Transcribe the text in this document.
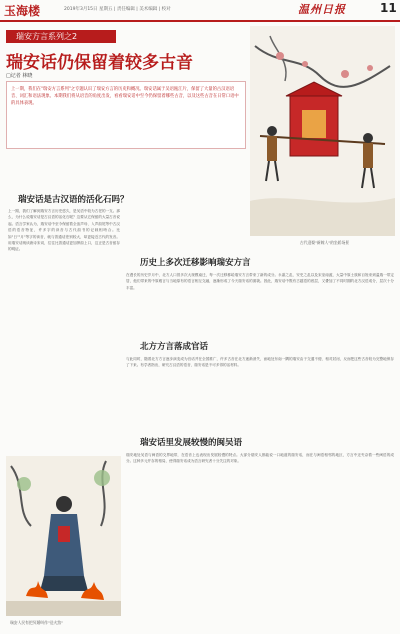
玉海楼	2019年3月15日 星期五 | 责任编辑 | 美术编辑 | 校对	温州日报	11
瑞安方言系列之2
瑞安话仍保留着较多古音
□记者 林晓

上一期，我们在"瑞安方言系列"之专题认识了瑞安方言的历史和概况。瑞安话属于吴语瓯江片，保留了大量的古汉语语音、词汇和语法现象。本期我们将从语音的角度出发，看看瑞安话中至今仍保留着哪些古音，以及这些古音在日常口语中的具体表现。

古代迎娶"新嫁人"的坐轿场景
瑞安话是古汉语的活化石吗？
上一期，我们了解到瑞安方言历史悠久，是吴语中较为古老的一支。那么，为什么说瑞安话是古汉语的活化石呢？这要从它保留的大量古音说起。语言学家认为，瑞安话中至今保留着全浊声母、入声韵尾等中古汉语的语音特征，许多字的读音与古代韵书的记载相吻合。比如"日""月"等字的读音，就与普通话差别较大，却更接近古代的发音。用瑞安话朗读唐诗宋词，往往比普通话更加押韵上口，这正是古音留存的明证。
历史上多次迁移影响瑞安方言
在漫长的历史岁月中，北方人口曾多次大规模南迁，每一次迁移都给瑞安方言带来了新的成分。永嘉之乱、安史之乱以及宋室南渡，大量中原士族和百姓来到温瑞一带定居，他们带来的中原雅言与当地原有的语言相互交融，逐渐形成了今天瑞安话的面貌。因此，瑞安话中既有古越语的底层，又叠加了不同时期的北方汉语成分，层次十分丰富。
北方方言落成官话
与此同时，随着北方方言逐步演变成为官话并在全国推广，许多古音在北方逐渐消失，而地处东南一隅的瑞安由于交通不便、相对封闭，反而把这些古音较为完整地保存了下来。有学者指出，研究古汉语的语音，瑞安话是不可多得的活材料。
瑞安话里发展较慢的闽吴语
瑞安地处吴语与闽语的交界地带，在语音上也表现出发展较慢的特点。大部分瑞安人都能说一口地道的瑞安话，而在与闽语相邻的地区，方言中还夹杂着一些闽语的成分。这种多元并存的格局，使得瑞安话成为语言研究者十分关注的对象。
瑞安人民有把冥婚叫作"送火煞"
